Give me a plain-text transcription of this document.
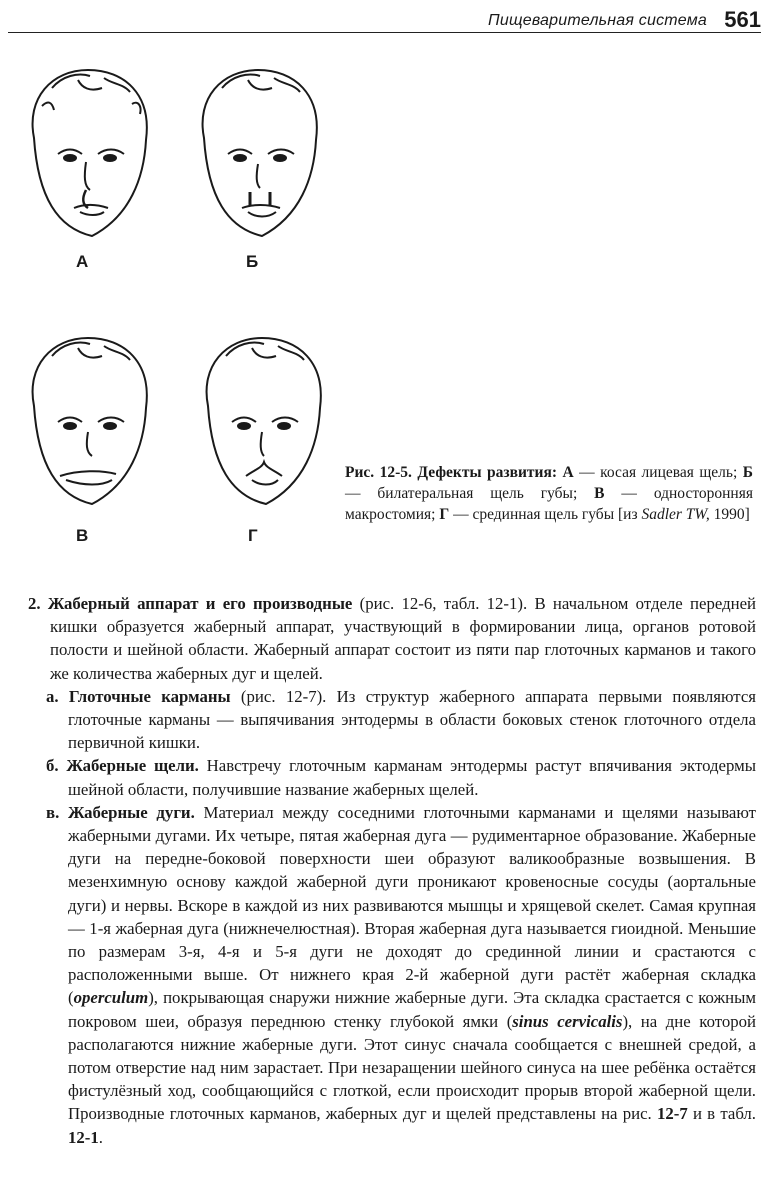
Пищеварительная система 561
А	Б
В	Г
Рис. 12-5. Дефекты развития: А — косая лицевая щель; Б — билатеральная щель губы; В — односторонняя макростомия; Г — срединная щель губы [из Sadler TW, 1990]

2. Жаберный аппарат и его производные (рис. 12-6, табл. 12-1). В начальном отделе передней кишки образуется жаберный аппарат, участвующий в формировании лица, органов ротовой полости и шейной области. Жаберный аппарат состоит из пяти пар глоточных карманов и такого же количества жаберных дуг и щелей.

а. Глоточные карманы (рис. 12-7). Из структур жаберного аппарата первыми появляются глоточные карманы — выпячивания энтодермы в области боковых стенок глоточного отдела первичной кишки.

б. Жаберные щели. Навстречу глоточным карманам энтодермы растут впячивания эктодермы шейной области, получившие название жаберных щелей.

в. Жаберные дуги. Материал между соседними глоточными карманами и щелями называют жаберными дугами. Их четыре, пятая жаберная дуга — рудиментарное образование. Жаберные дуги на передне-боковой поверхности шеи образуют валикообразные возвышения. В мезенхимную основу каждой жаберной дуги проникают кровеносные сосуды (аортальные дуги) и нервы. Вскоре в каждой из них развиваются мышцы и хрящевой скелет. Самая крупная — 1-я жаберная дуга (нижнечелюстная). Вторая жаберная дуга называется гиоидной. Меньшие по размерам 3-я, 4-я и 5-я дуги не доходят до срединной линии и срастаются с расположенными выше. От нижнего края 2-й жаберной дуги растёт жаберная складка (operculum), покрывающая снаружи нижние жаберные дуги. Эта складка срастается с кожным покровом шеи, образуя переднюю стенку глубокой ямки (sinus cervicalis), на дне которой располагаются нижние жаберные дуги. Этот синус сначала сообщается с внешней средой, а потом отверстие над ним зарастает. При незаращении шейного синуса на шее ребёнка остаётся фистулёзный ход, сообщающийся с глоткой, если происходит прорыв второй жаберной щели. Производные глоточных карманов, жаберных дуг и щелей представлены на рис. 12-7 и в табл. 12-1.
